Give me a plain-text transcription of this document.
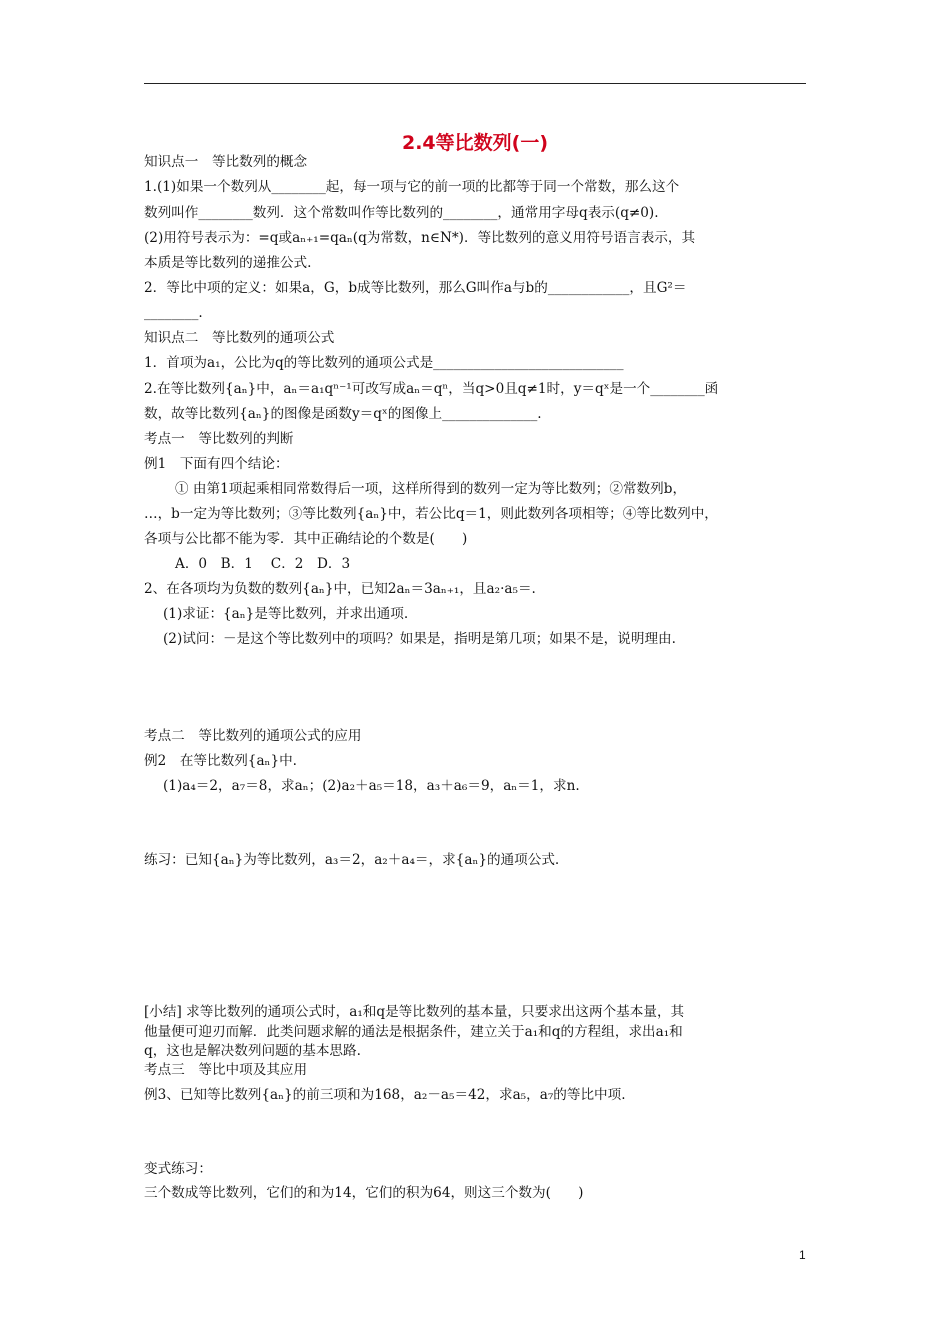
2.4等比数列(一)
知识点一　等比数列的概念
1.(1)如果一个数列从________起，每一项与它的前一项的比都等于同一个常数，那么这个
数列叫作________数列．这个常数叫作等比数列的________，通常用字母q表示(q≠0).
(2)用符号表示为：=q或aₙ₊₁=qaₙ(q为常数，n∈N*)．等比数列的意义用符号语言表示，其
本质是等比数列的递推公式.
2．等比中项的定义：如果a，G，b成等比数列，那么G叫作a与b的____________，且G²＝
________.
知识点二　等比数列的通项公式
1．首项为a₁，公比为q的等比数列的通项公式是____________________________
2.在等比数列{aₙ}中，aₙ＝a₁qⁿ⁻¹可改写成aₙ＝qⁿ，当q>0且q≠1时，y＝qˣ是一个________函
数，故等比数列{aₙ}的图像是函数y＝qˣ的图像上______________.
考点一　等比数列的判断
例1　下面有四个结论：
① 由第1项起乘相同常数得后一项，这样所得到的数列一定为等比数列；②常数列b，
…，b一定为等比数列；③等比数列{aₙ}中，若公比q＝1，则此数列各项相等；④等比数列中，
各项与公比都不能为零．其中正确结论的个数是(　　)
A．0　B．1　 C．2　D．3
2、在各项均为负数的数列{aₙ}中，已知2aₙ＝3aₙ₊₁，且a₂·a₅＝.
(1)求证：{aₙ}是等比数列，并求出通项.
(2)试问：－是这个等比数列中的项吗？如果是，指明是第几项；如果不是，说明理由.
考点二　等比数列的通项公式的应用
例2　在等比数列{aₙ}中.
(1)a₄＝2，a₇＝8，求aₙ；(2)a₂＋a₅＝18，a₃＋a₆＝9，aₙ＝1，求n.
练习：已知{aₙ}为等比数列，a₃＝2，a₂＋a₄＝，求{aₙ}的通项公式.
[小结] 求等比数列的通项公式时，a₁和q是等比数列的基本量，只要求出这两个基本量，其
他量便可迎刃而解．此类问题求解的通法是根据条件，建立关于a₁和q的方程组，求出a₁和
q，这也是解决数列问题的基本思路.
考点三　等比中项及其应用
例3、已知等比数列{aₙ}的前三项和为168，a₂－a₅＝42，求a₅，a₇的等比中项.
变式练习：
三个数成等比数列，它们的和为14，它们的积为64，则这三个数为(　　)
1
